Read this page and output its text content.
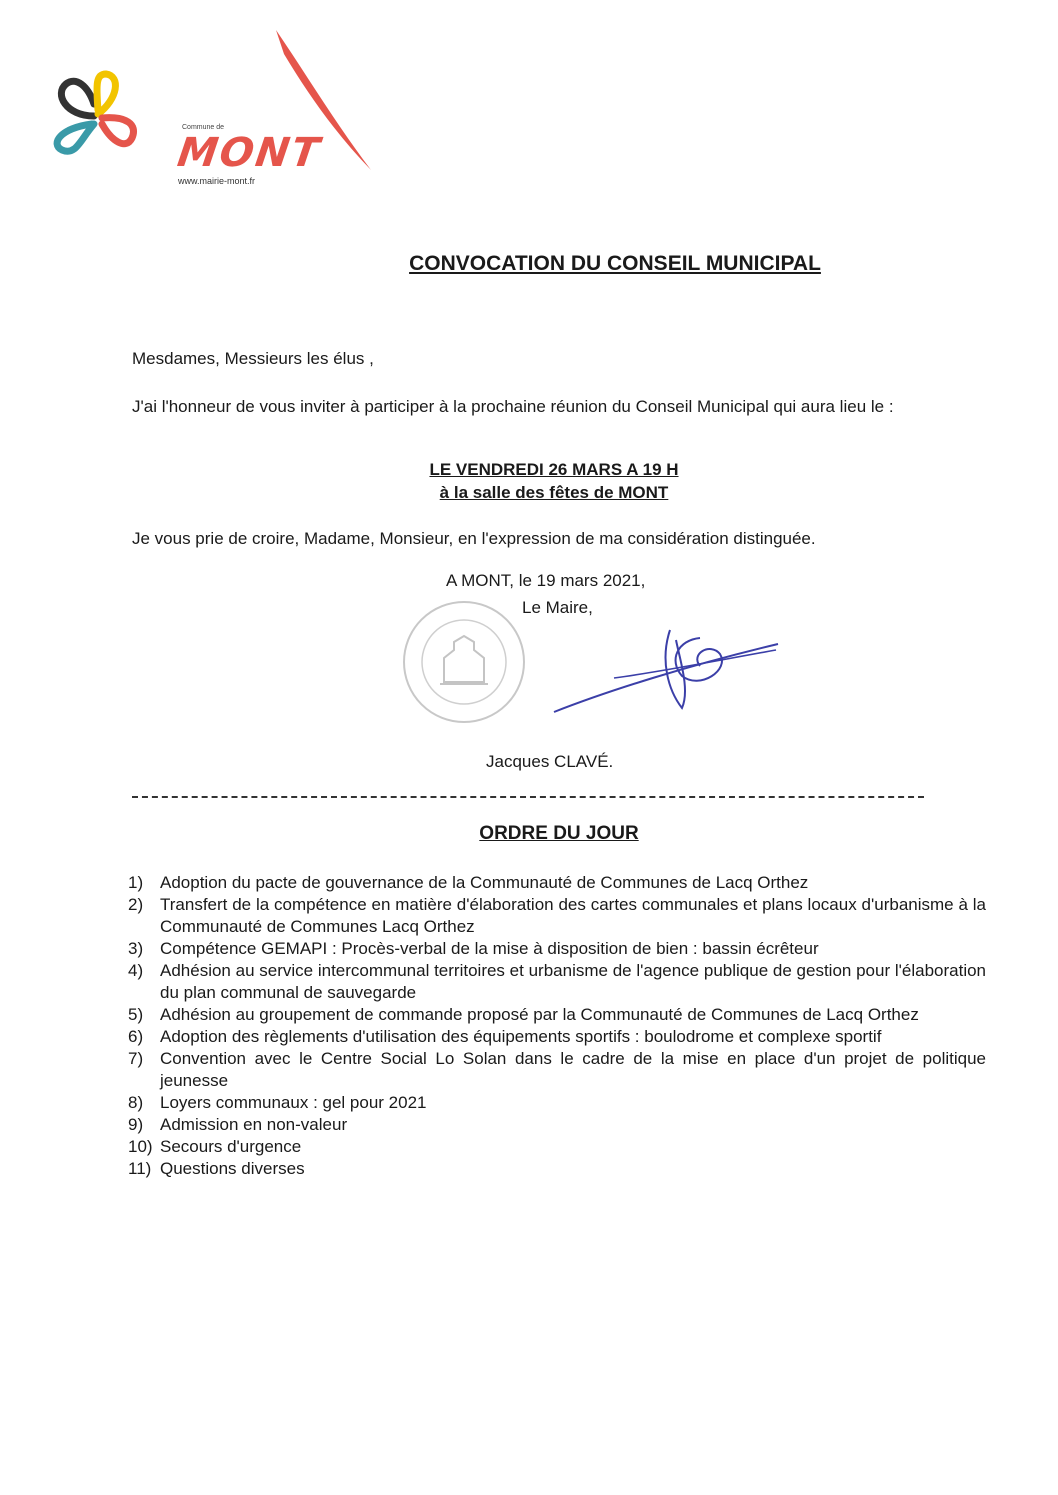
Commune de
MONT
www.mairie-mont.fr
CONVOCATION DU CONSEIL MUNICIPAL
Mesdames, Messieurs les élus ,
J'ai l'honneur de vous inviter à participer à la prochaine réunion du Conseil Municipal qui aura lieu le :
LE VENDREDI 26 MARS A 19 H
à la salle des fêtes de MONT
Je vous prie de croire, Madame, Monsieur, en l'expression de ma considération distinguée.
A MONT, le 19 mars 2021,
Le Maire,
Jacques CLAVÉ.
ORDRE DU JOUR
1) Adoption du pacte de gouvernance de la Communauté de Communes de Lacq Orthez
2) Transfert de la compétence en matière d'élaboration des cartes communales et plans locaux d'urbanisme à la Communauté de Communes Lacq Orthez
3) Compétence GEMAPI : Procès-verbal de la mise à disposition de bien : bassin écrêteur
4) Adhésion au service intercommunal territoires et urbanisme de l'agence publique de gestion pour l'élaboration du plan communal de sauvegarde
5) Adhésion au groupement de commande proposé par la Communauté de Communes de Lacq Orthez
6) Adoption des règlements d'utilisation des équipements sportifs : boulodrome et complexe sportif
7) Convention avec le Centre Social Lo Solan dans le cadre de la mise en place d'un projet de politique jeunesse
8) Loyers communaux : gel pour 2021
9) Admission en non-valeur
10) Secours d'urgence
11) Questions diverses
